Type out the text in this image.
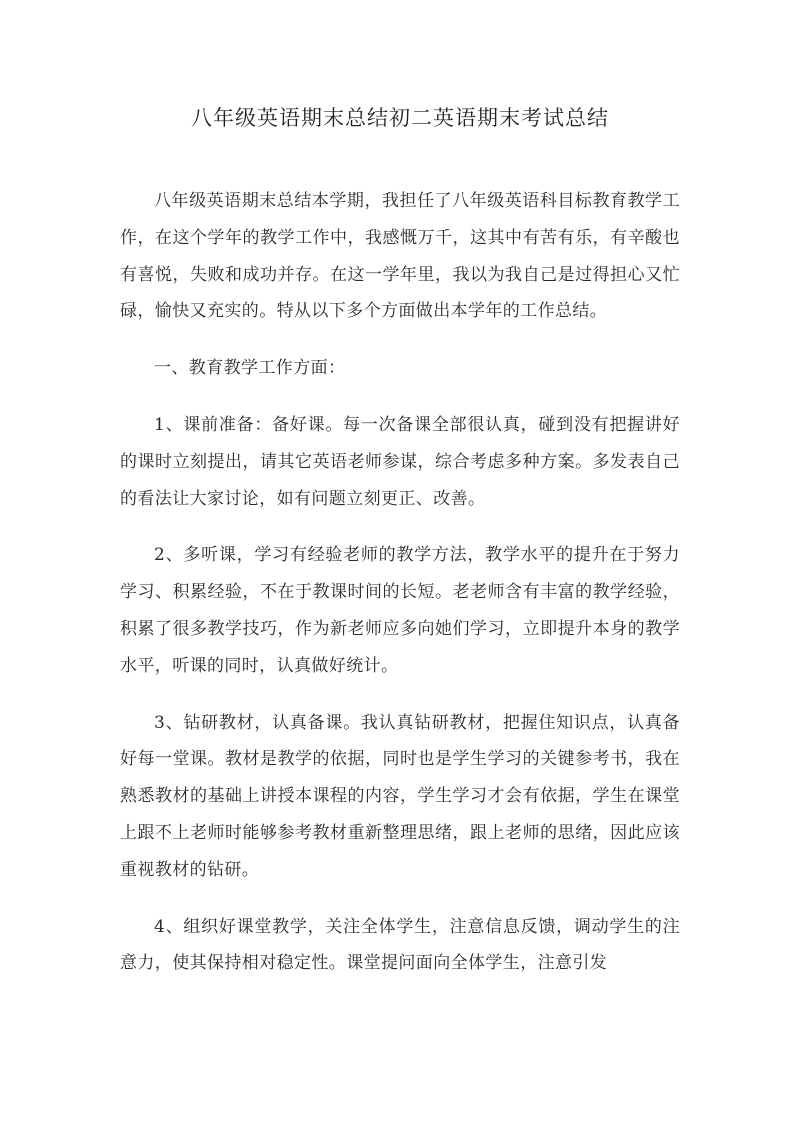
八年级英语期末总结初二英语期末考试总结

八年级英语期末总结本学期，我担任了八年级英语科目标教育教学工作，在这个学年的教学工作中，我感慨万千，这其中有苦有乐，有辛酸也有喜悦，失败和成功并存。在这一学年里，我以为我自己是过得担心又忙碌，愉快又充实的。特从以下多个方面做出本学年的工作总结。

一、教育教学工作方面：

1、课前准备：备好课。每一次备课全部很认真，碰到没有把握讲好的课时立刻提出，请其它英语老师参谋，综合考虑多种方案。多发表自己的看法让大家讨论，如有问题立刻更正、改善。

2、多听课，学习有经验老师的教学方法，教学水平的提升在于努力学习、积累经验，不在于教课时间的长短。老老师含有丰富的教学经验，积累了很多教学技巧，作为新老师应多向她们学习，立即提升本身的教学水平，听课的同时，认真做好统计。

3、钻研教材，认真备课。我认真钻研教材，把握住知识点，认真备好每一堂课。教材是教学的依据，同时也是学生学习的关键参考书，我在熟悉教材的基础上讲授本课程的内容，学生学习才会有依据，学生在课堂上跟不上老师时能够参考教材重新整理思绪，跟上老师的思绪，因此应该重视教材的钻研。

4、组织好课堂教学，关注全体学生，注意信息反馈，调动学生的注意力，使其保持相对稳定性。课堂提问面向全体学生，注意引发
